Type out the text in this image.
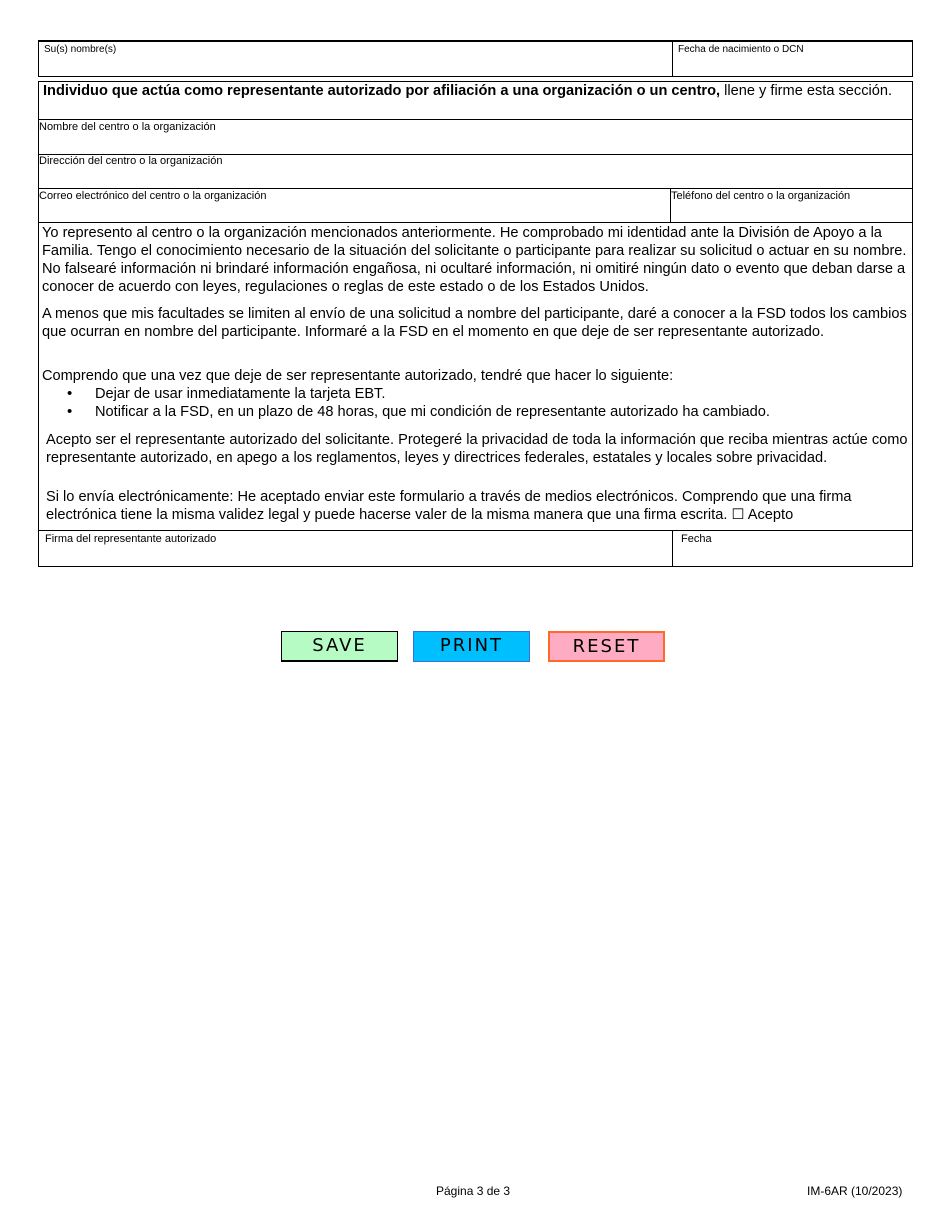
Su(s) nombre(s)	Fecha de nacimiento o DCN
Individuo que actúa como representante autorizado por afiliación a una organización o un centro, llene y firme esta sección.
Nombre del centro o la organización
Dirección del centro o la organización
Correo electrónico del centro o la organización	Teléfono del centro o la organización
Yo represento al centro o la organización mencionados anteriormente. He comprobado mi identidad ante la División de Apoyo a la Familia. Tengo el conocimiento necesario de la situación del solicitante o participante para realizar su solicitud o actuar en su nombre. No falsearé información ni brindaré información engañosa, ni ocultaré información, ni omitiré ningún dato o evento que deban darse a conocer de acuerdo con leyes, regulaciones o reglas de este estado o de los Estados Unidos.
A menos que mis facultades se limiten al envío de una solicitud a nombre del participante, daré a conocer a la FSD todos los cambios que ocurran en nombre del participante. Informaré a la FSD en el momento en que deje de ser representante autorizado.
Comprendo que una vez que deje de ser representante autorizado, tendré que hacer lo siguiente:
• Dejar de usar inmediatamente la tarjeta EBT.
• Notificar a la FSD, en un plazo de 48 horas, que mi condición de representante autorizado ha cambiado.
Acepto ser el representante autorizado del solicitante. Protegeré la privacidad de toda la información que reciba mientras actúe como representante autorizado, en apego a los reglamentos, leyes y directrices federales, estatales y locales sobre privacidad.
Si lo envía electrónicamente: He aceptado enviar este formulario a través de medios electrónicos. Comprendo que una firma electrónica tiene la misma validez legal y puede hacerse valer de la misma manera que una firma escrita. ☐ Acepto
Firma del representante autorizado	Fecha
SAVE	PRINT	RESET
Página 3 de 3	IM-6AR (10/2023)
